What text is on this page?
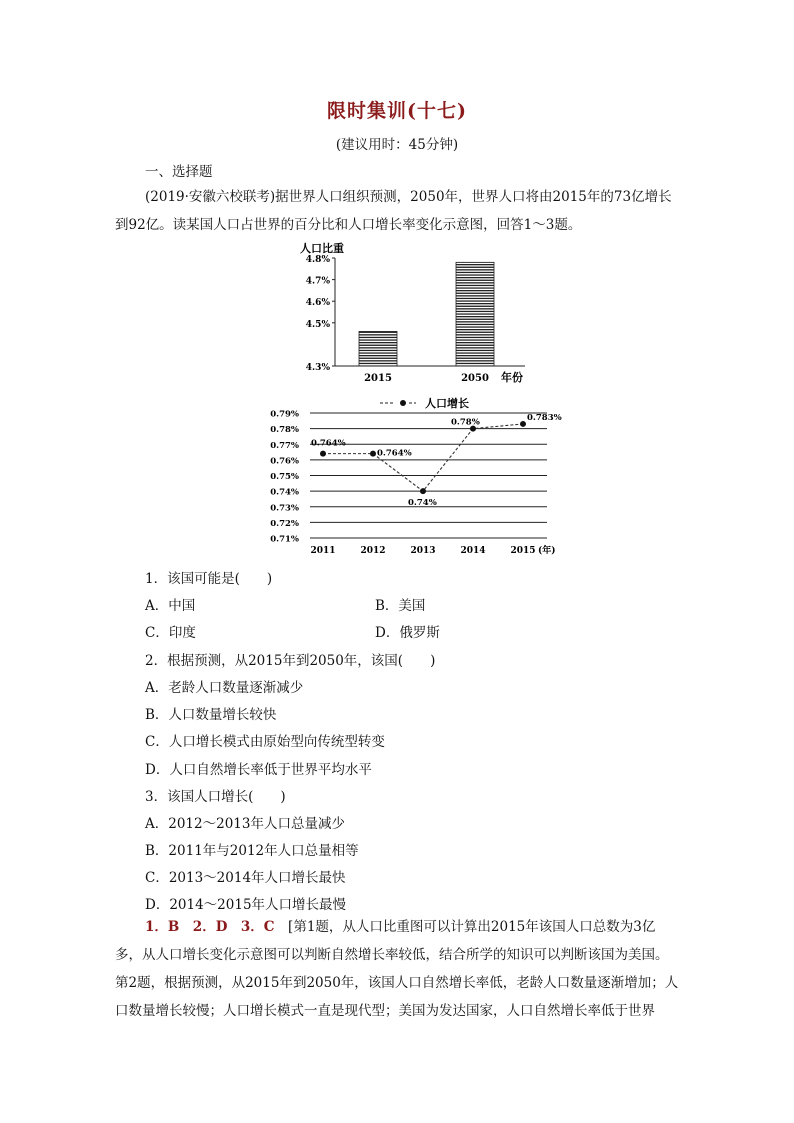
限时集训(十七)
(建议用时：45分钟)
一、选择题
(2019·安徽六校联考)据世界人口组织预测，2050年，世界人口将由2015年的73亿增长到92亿。读某国人口占世界的百分比和人口增长率变化示意图，回答1～3题。
人口比重
4.3%
4.5%
4.6%
4.7%
4.8%
2015	2050 年份
人口增长
0.71%
0.72%
0.73%
0.74%
0.75%
0.76%
0.77%
0.78%
0.79%
0.764%
0.764%
0.74%
0.78%	0.783%
2011	2012	2013	2014	2015 (年)
1．该国可能是(　　)
A．中国	B．美国
C．印度	D．俄罗斯
2．根据预测，从2015年到2050年，该国(　　)
A．老龄人口数量逐渐减少
B．人口数量增长较快
C．人口增长模式由原始型向传统型转变
D．人口自然增长率低于世界平均水平
3．该国人口增长(　　)
A．2012～2013年人口总量减少
B．2011年与2012年人口总量相等
C．2013～2014年人口增长最快
D．2014～2015年人口增长最慢
1．B　2．D　3．C　[第1题，从人口比重图可以计算出2015年该国人口总数为3亿多，从人口增长变化示意图可以判断自然增长率较低，结合所学的知识可以判断该国为美国。第2题，根据预测，从2015年到2050年，该国人口自然增长率低，老龄人口数量逐渐增加；人口数量增长较慢；人口增长模式一直是现代型；美国为发达国家，人口自然增长率低于世界
